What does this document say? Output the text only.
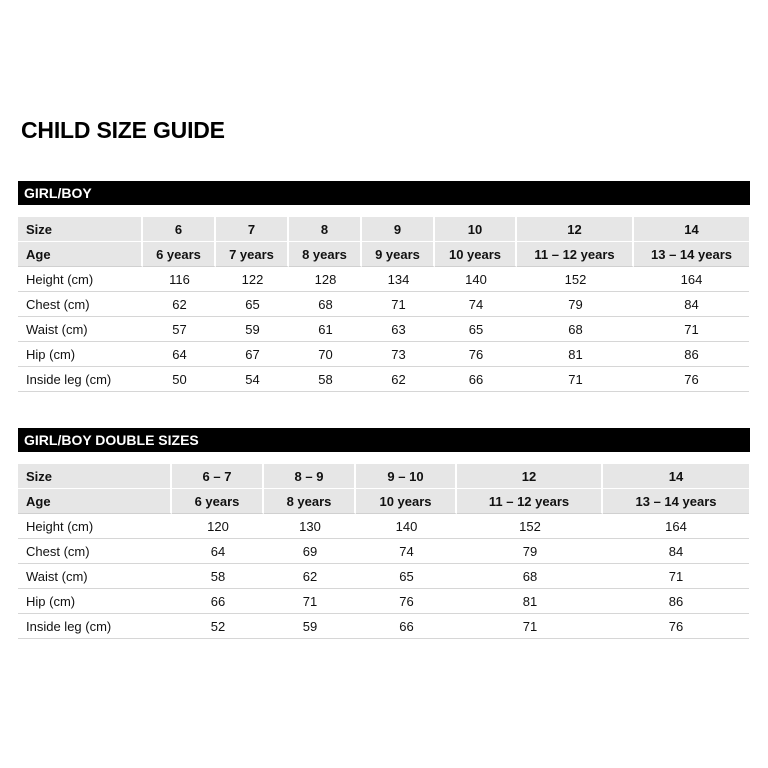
CHILD SIZE GUIDE
GIRL/BOY
Size	6	7	8	9	10	12	14
Age	6 years	7 years	8 years	9 years	10 years	11 – 12 years	13 – 14 years
Height (cm)	116	122	128	134	140	152	164
Chest (cm)	62	65	68	71	74	79	84
Waist (cm)	57	59	61	63	65	68	71
Hip (cm)	64	67	70	73	76	81	86
Inside leg (cm)	50	54	58	62	66	71	76
GIRL/BOY DOUBLE SIZES
Size	6 – 7	8 – 9	9 – 10	12	14
Age	6 years	8 years	10 years	11 – 12 years	13 – 14 years
Height (cm)	120	130	140	152	164
Chest (cm)	64	69	74	79	84
Waist (cm)	58	62	65	68	71
Hip (cm)	66	71	76	81	86
Inside leg (cm)	52	59	66	71	76
